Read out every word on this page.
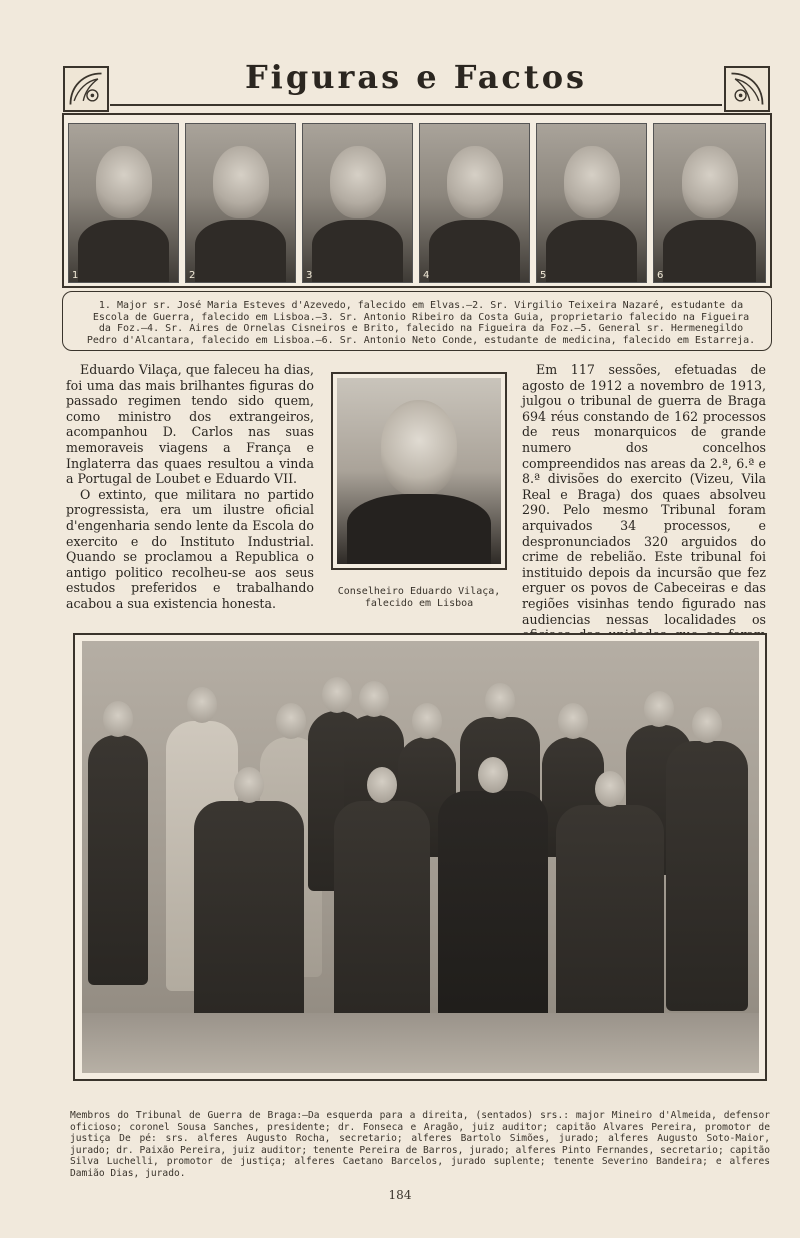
Figuras e Factos
1	2	3	4	5	6
1. Major sr. José Maria Esteves d'Azevedo, falecido em Elvas.—2. Sr. Virgilio Teixeira Nazaré, estudante da Escola de Guerra, falecido em Lisboa.—3. Sr. Antonio Ribeiro da Costa Guia, proprietario falecido na Figueira da Foz.—4. Sr. Aires de Ornelas Cisneiros e Brito, falecido na Figueira da Foz.—5. General sr. Hermenegildo Pedro d'Alcantara, falecido em Lisboa.—6. Sr. Antonio Neto Conde, estudante de medicina, falecido em Estarreja.

Eduardo Vilaça, que faleceu ha dias, foi uma das mais brilhantes figuras do passado regimen tendo sido quem, como ministro dos extrangeiros, acompanhou D. Carlos nas suas memoraveis viagens a França e Inglaterra das quaes resultou a vinda a Portugal de Loubet e Eduardo VII.

O extinto, que militara no partido progressista, era um ilustre oficial d'engenharia sendo lente da Escola do exercito e do Instituto Industrial. Quando se proclamou a Republica o antigo politico recolheu-se aos seus estudos preferidos e trabalhando acabou a sua existencia honesta.

Conselheiro Eduardo Vilaça,
falecido em Lisboa

Em 117 sessões, efetuadas de agosto de 1912 a novembro de 1913, julgou o tribunal de guerra de Braga 694 réus constando de 162 processos de reus monarquicos de grande numero dos concelhos compreendidos nas areas da 2.ª, 6.ª e 8.ª divisões do exercito (Vizeu, Vila Real e Braga) dos quaes absolveu 290. Pelo mesmo Tribunal foram arquivados 34 processos, e despronunciados 320 arguidos do crime de rebelião. Este tribunal foi instituido depois da incursão que fez erguer os povos de Cabeceiras e das regiões visinhas tendo figurado nas audiencias nessas localidades os

Membros do Tribunal de Guerra de Braga:—Da esquerda para a direita, (sentados) srs.: major Mineiro d'Almeida, defensor oficioso; coronel Sousa Sanches, presidente; dr. Fonseca e Aragão, juiz auditor; capitão Alvares Pereira, promotor de justiça De pé: srs. alferes Augusto Rocha, secretario; alferes Bartolo Simões, jurado; alferes Augusto Soto-Maior, jurado; dr. Paixão Pereira, juiz auditor; tenente Pereira de Barros, jurado; alferes Pinto Fernandes, secretario; capitão Silva Luchelli, promotor de justiça; alferes Caetano Barcelos, jurado suplente; tenente Severino Bandeira; e alferes Damião Dias, jurado.
184
